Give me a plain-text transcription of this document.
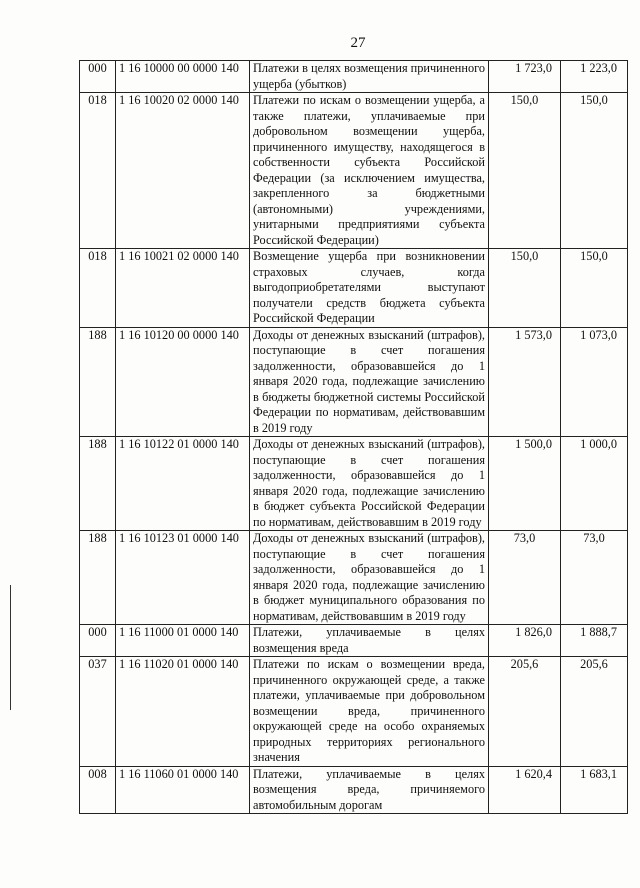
27
000	1 16 10000 00 0000 140	Платежи в целях возмещения причиненного ущерба (убытков)	1 723,0	1 223,0
018	1 16 10020 02 0000 140	Платежи по искам о возмещении ущерба, а также платежи, уплачиваемые при добровольном возмещении ущерба, причиненного имуществу, находящегося в собственности субъекта Российской Федерации (за исключением имущества, закрепленного за бюджетными (автономными) учреждениями, унитарными предприятиями субъекта Российской Федерации)	150,0	150,0
018	1 16 10021 02 0000 140	Возмещение ущерба при возникновении страховых случаев, когда выгодоприобретателями выступают получатели средств бюджета субъекта Российской Федерации	150,0	150,0
188	1 16 10120 00 0000 140	Доходы от денежных взысканий (штрафов), поступающие в счет погашения задолженности, образовавшейся до 1 января 2020 года, подлежащие зачислению в бюджеты бюджетной системы Российской Федерации по нормативам, действовавшим в 2019 году	1 573,0	1 073,0
188	1 16 10122 01 0000 140	Доходы от денежных взысканий (штрафов), поступающие в счет погашения задолженности, образовавшейся до 1 января 2020 года, подлежащие зачислению в бюджет субъекта Российской Федерации по нормативам, действовавшим в 2019 году	1 500,0	1 000,0
188	1 16 10123 01 0000 140	Доходы от денежных взысканий (штрафов), поступающие в счет погашения задолженности, образовавшейся до 1 января 2020 года, подлежащие зачислению в бюджет муниципального образования по нормативам, действовавшим в 2019 году	73,0	73,0
000	1 16 11000 01 0000 140	Платежи, уплачиваемые в целях возмещения вреда	1 826,0	1 888,7
037	1 16 11020 01 0000 140	Платежи по искам о возмещении вреда, причиненного окружающей среде, а также платежи, уплачиваемые при добровольном возмещении вреда, причиненного окружающей среде на особо охраняемых природных территориях регионального значения	205,6	205,6
008	1 16 11060 01 0000 140	Платежи, уплачиваемые в целях возмещения вреда, причиняемого автомобильным дорогам	1 620,4	1 683,1
